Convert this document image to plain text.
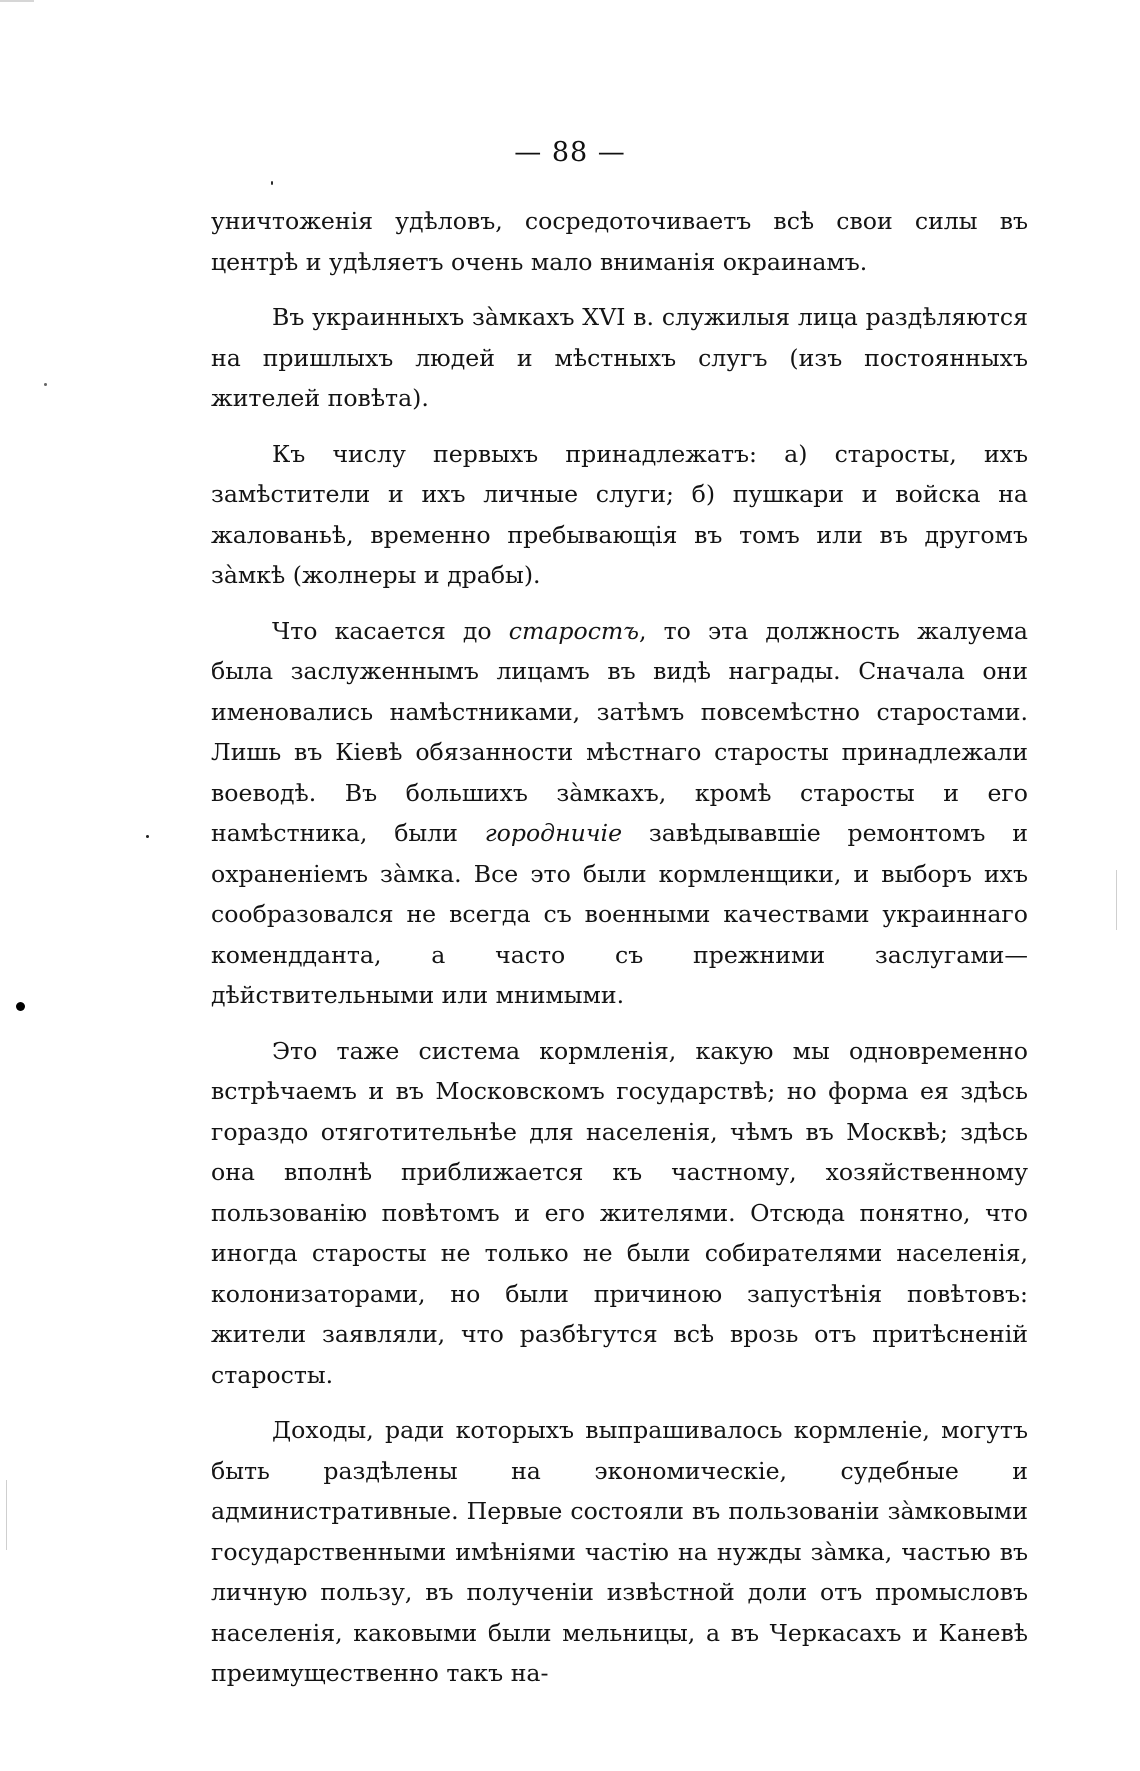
— 88 —

уничтоженія удѣловъ, сосредоточиваетъ всѣ свои силы въ центрѣ и удѣляетъ очень мало вниманія окраинамъ.

Въ украинныхъ зàмкахъ XVI в. служилыя лица раздѣляются на пришлыхъ людей и мѣстныхъ слугъ (изъ постоянныхъ жителей повѣта).

Къ числу первыхъ принадлежатъ: а) старосты, ихъ замѣстители и ихъ личные слуги; б) пушкари и войска на жалованьѣ, временно пребывающія въ томъ или въ другомъ зàмкѣ (жолнеры и драбы).

Что касается до старостъ, то эта должность жалуема была заслуженнымъ лицамъ въ видѣ награды. Сначала они именовались намѣстниками, затѣмъ повсемѣстно старостами. Лишь въ Кіевѣ обязанности мѣстнаго старосты принадлежали воеводѣ. Въ большихъ зàмкахъ, кромѣ старосты и его намѣстника, были городничіе завѣдывавшіе ремонтомъ и охраненіемъ зàмка. Все это были кормленщики, и выборъ ихъ сообразовался не всегда съ военными качествами украиннаго комендданта, а часто съ прежними заслугами—дѣйствительными или мнимыми.

Это таже система кормленія, какую мы одновременно встрѣчаемъ и въ Московскомъ государствѣ; но форма ея здѣсь гораздо отяготительнѣе для населенія, чѣмъ въ Москвѣ; здѣсь она вполнѣ приближается къ частному, хозяйственному пользованію повѣтомъ и его жителями. Отсюда понятно, что иногда старосты не только не были собирателями населенія, колонизаторами, но были причиною запустѣнія повѣтовъ: жители заявляли, что разбѣгутся всѣ врозь отъ притѣсненій старосты.

Доходы, ради которыхъ выпрашивалось кормленіе, могутъ быть раздѣлены на экономическіе, судебные и административные. Первые состояли въ пользованіи зàмковыми государственными имѣніями частію на нужды зàмка, частью въ личную пользу, въ полученіи извѣстной доли отъ промысловъ населенія, каковыми были мельницы, а въ Черкасахъ и Каневѣ преимущественно такъ на-
